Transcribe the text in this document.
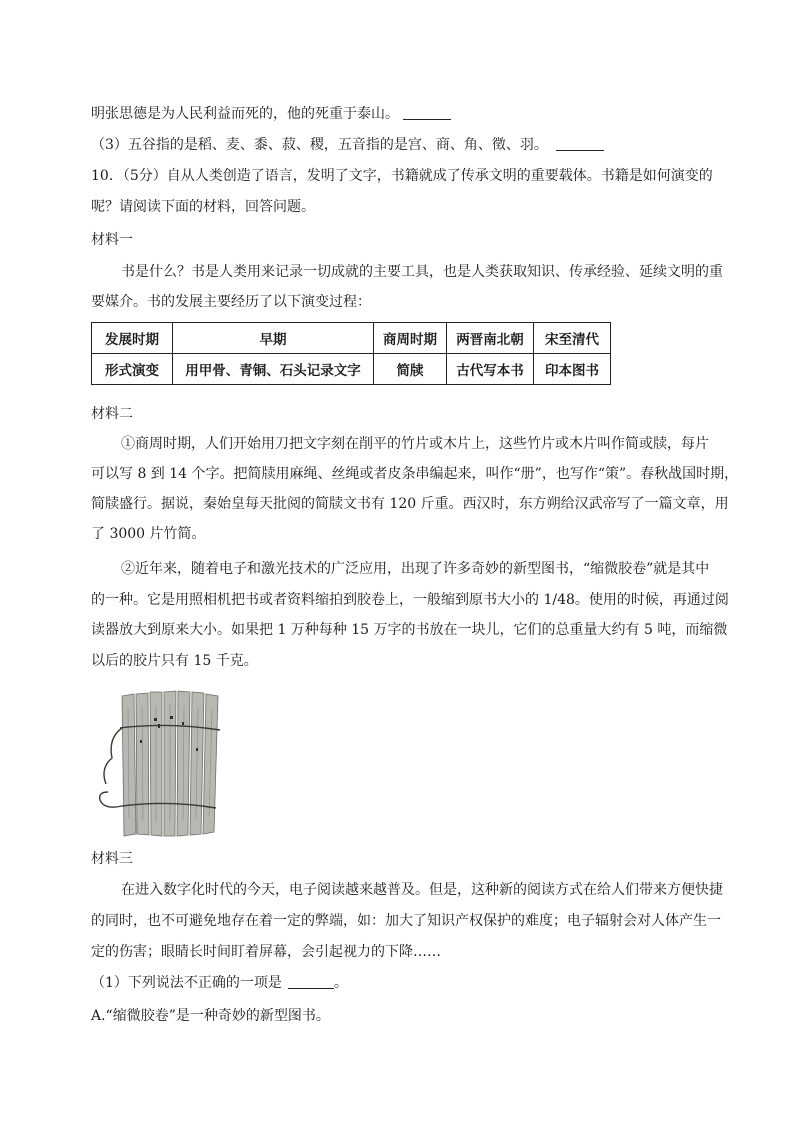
明张思德是为人民利益而死的，他的死重于泰山。
（3）五谷指的是稻、麦、黍、菽、稷，五音指的是宫、商、角、徵、羽。
10．（5分）自从人类创造了语言，发明了文字，书籍就成了传承文明的重要载体。书籍是如何演变的
呢？请阅读下面的材料，回答问题。
材料一
书是什么？书是人类用来记录一切成就的主要工具，也是人类获取知识、传承经验、延续文明的重
要媒介。书的发展主要经历了以下演变过程：
发展时期	早期	商周时期	两晋南北朝	宋至清代
形式演变	用甲骨、青铜、石头记录文字	简牍	古代写本书	印本图书
材料二
①商周时期，人们开始用刀把文字刻在削平的竹片或木片上，这些竹片或木片叫作简或牍，每片
可以写 8 到 14 个字。把简牍用麻绳、丝绳或者皮条串编起来，叫作“册”，也写作“策”。春秋战国时期，
简牍盛行。据说，秦始皇每天批阅的简牍文书有 120 斤重。西汉时，东方朔给汉武帝写了一篇文章，用
了 3000 片竹简。
②近年来，随着电子和激光技术的广泛应用，出现了许多奇妙的新型图书，“缩微胶卷”就是其中
的一种。它是用照相机把书或者资料缩拍到胶卷上，一般缩到原书大小的 1/48。使用的时候，再通过阅
读器放大到原来大小。如果把 1 万种每种 15 万字的书放在一块儿，它们的总重量大约有 5 吨，而缩微
以后的胶片只有 15 千克。
材料三
在进入数字化时代的今天，电子阅读越来越普及。但是，这种新的阅读方式在给人们带来方便快捷
的同时，也不可避免地存在着一定的弊端，如：加大了知识产权保护的难度；电子辐射会对人体产生一
定的伤害；眼睛长时间盯着屏幕，会引起视力的下降……
（1）下列说法不正确的一项是	。
A.“缩微胶卷”是一种奇妙的新型图书。
